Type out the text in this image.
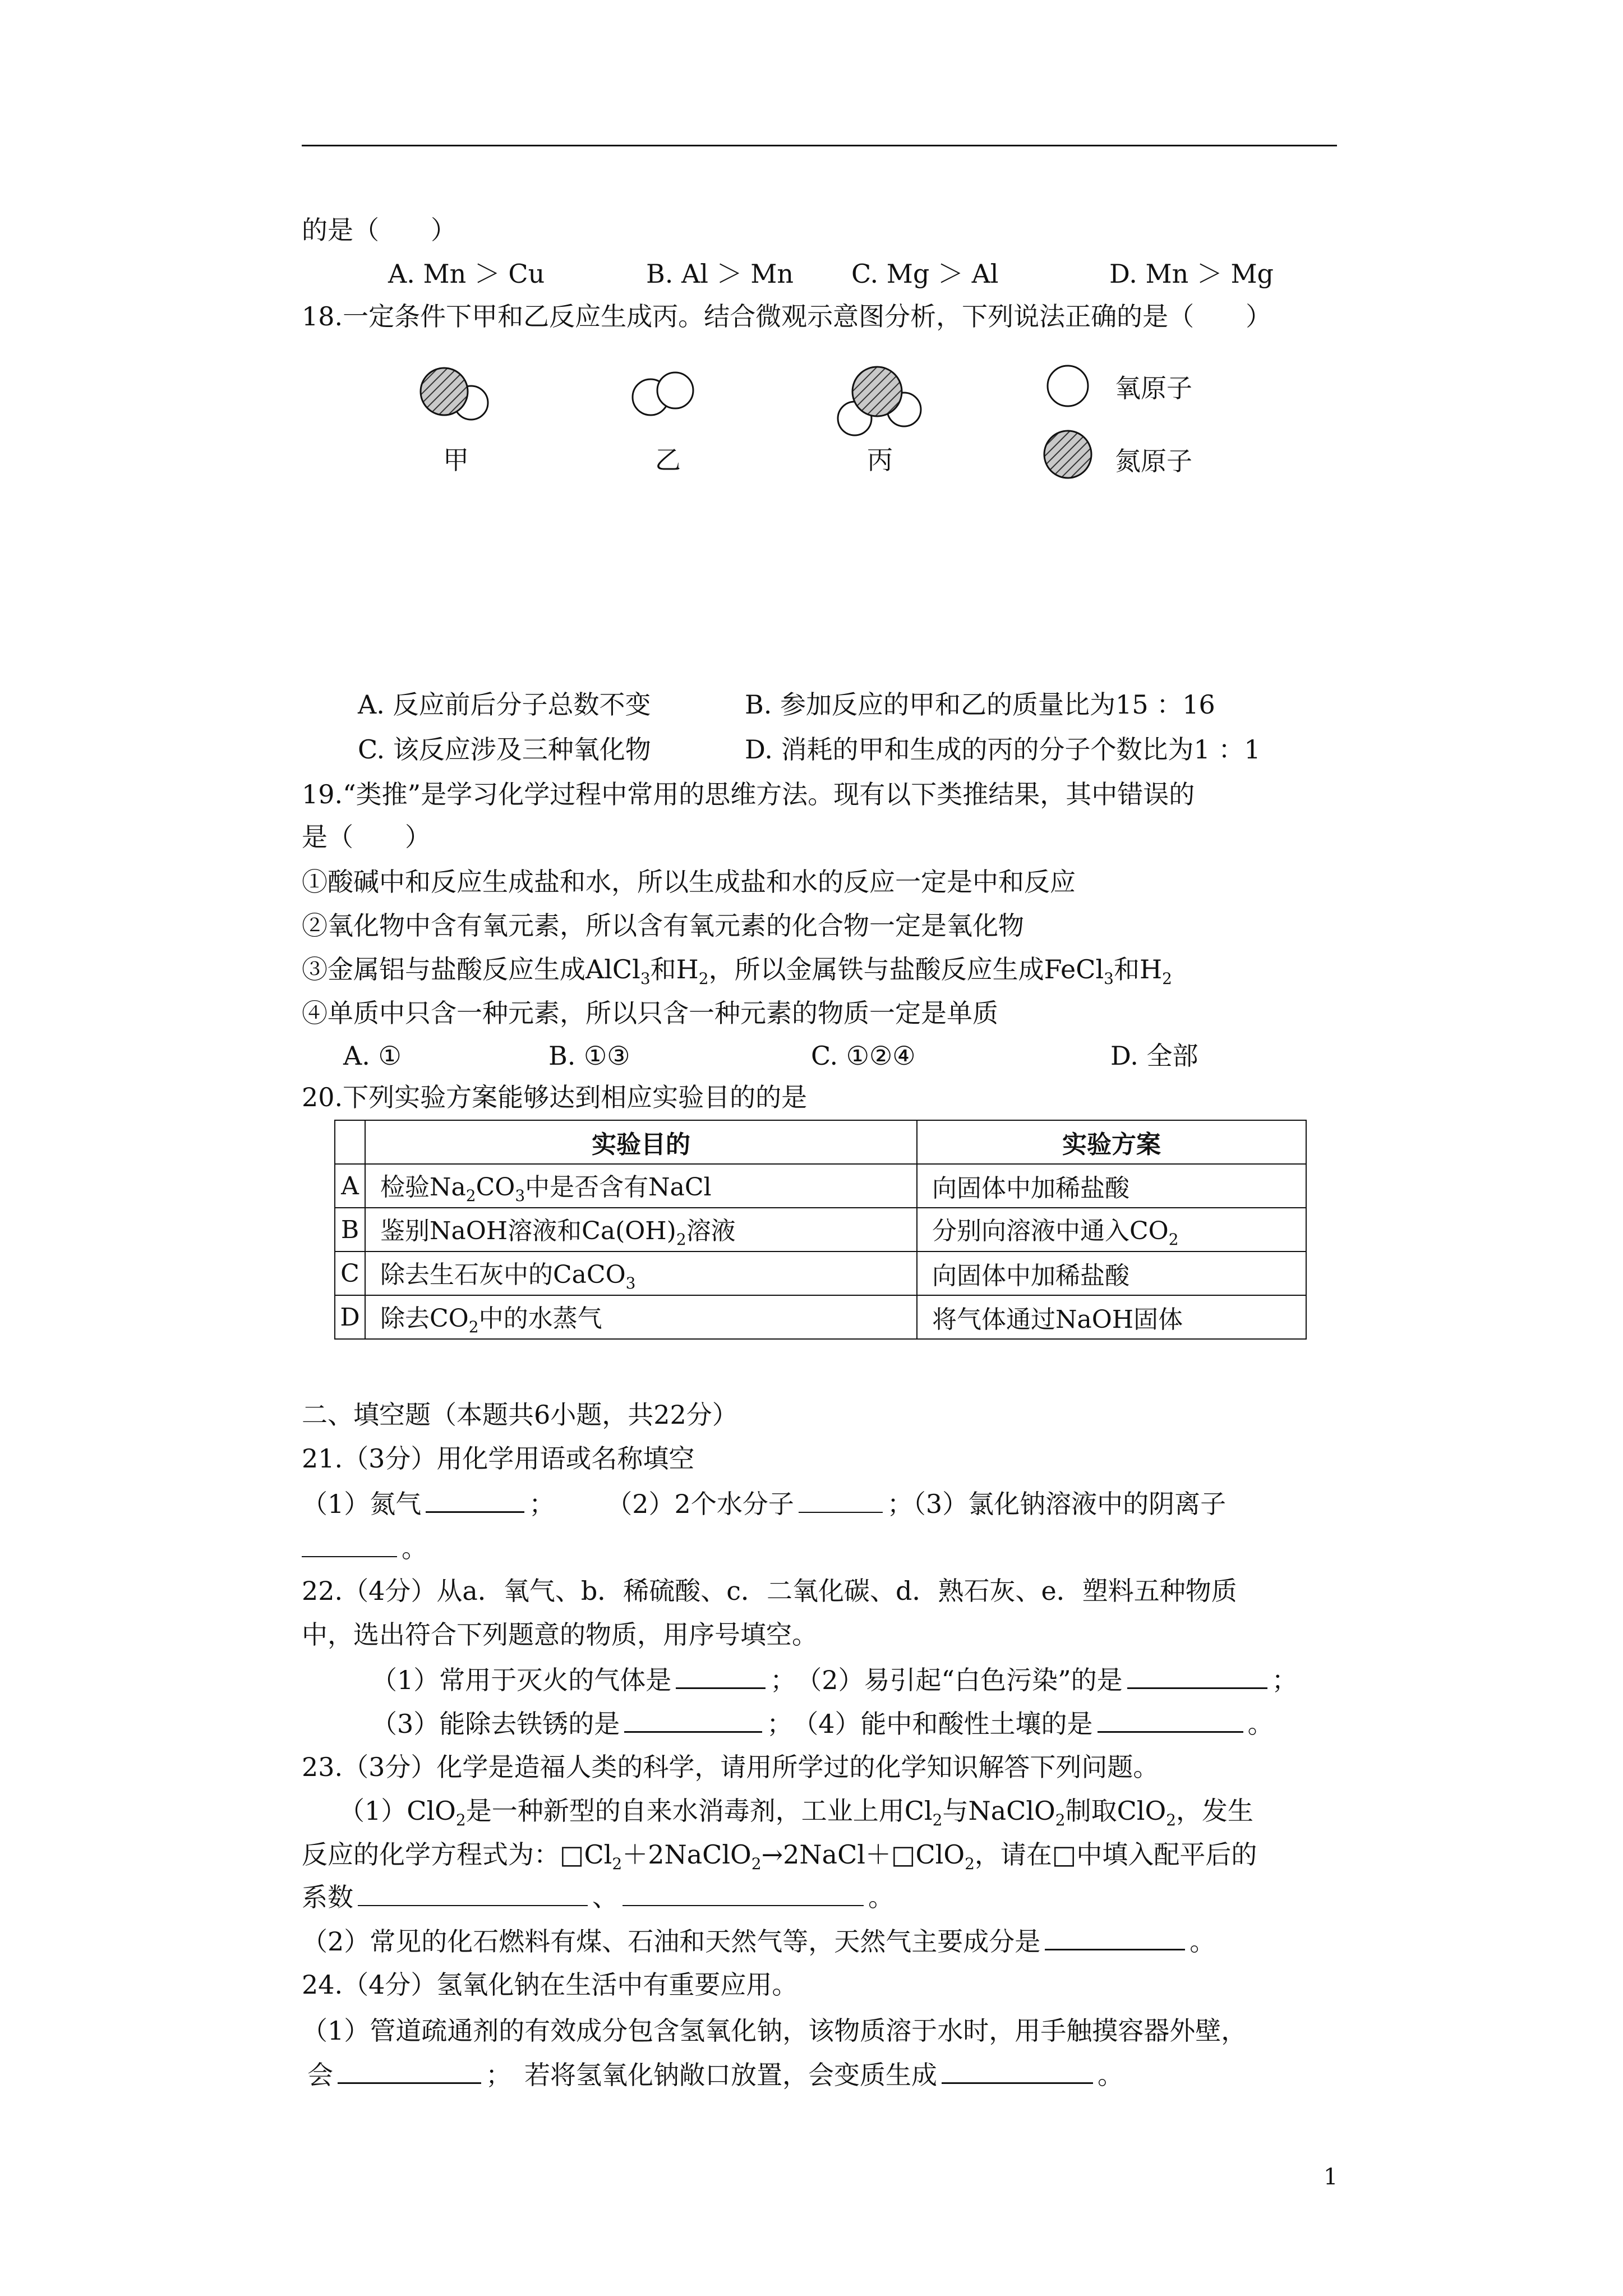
的是（　　）
A. Mn ＞ Cu	B. Al ＞ Mn C. Mg ＞ Al	D. Mn ＞ Mg
18.一定条件下甲和乙反应生成丙。结合微观示意图分析，下列说法正确的是（　　）
氧原子
氮原子
甲	乙	丙
A. 反应前后分子总数不变	B. 参加反应的甲和乙的质量比为15 ：16
C. 该反应涉及三种氧化物	D. 消耗的甲和生成的丙的分子个数比为1 ：1
19.“类推”是学习化学过程中常用的思维方法。现有以下类推结果，其中错误的
是（　　）
①酸碱中和反应生成盐和水，所以生成盐和水的反应一定是中和反应
②氧化物中含有氧元素，所以含有氧元素的化合物一定是氧化物
③金属铝与盐酸反应生成AlCl$_3$和$H_2$，所以金属铁与盐酸反应生成FeCl$_3$和$H_2$
④单质中只含一种元素，所以只含一种元素的物质一定是单质
A. ①	B. ①③	C. ①②④	D. 全部
20.下列实验方案能够达到相应实验目的的是
	实验目的	实验方案
A	检验$Na_2CO_3$中是否含有NaCl	向固体中加稀盐酸
B	鉴别NaOH溶液和$Ca(OH)_2$溶液	分别向溶液中通入$CO_2$
C	除去生石灰中的CaCO$_3$	向固体中加稀盐酸
D	除去$CO_2$中的水蒸气	将气体通过NaOH固体
二、填空题（本题共6小题，共22分）
21.（3分）用化学用语或名称填空
（1）氮气	；　　　（2）2个水分子	；（3）氯化钠溶液中的阴离子
。
22.（4分）从a．氧气、b．稀硫酸、c．二氧化碳、d．熟石灰、e．塑料五种物质
中，选出符合下列题意的物质，用序号填空。
（1）常用于灭火的气体是	；　（2）易引起“白色污染”的是	；
（3）能除去铁锈的是	；　（4）能中和酸性土壤的是	。
23.（3分）化学是造福人类的科学，请用所学过的化学知识解答下列问题。
（1）ClO$_2$是一种新型的自来水消毒剂，工业上用$Cl_2$与NaClO$_2$制取ClO$_2$，发生
反应的化学方程式为：$□Cl_2+2NaClO_2\to 2NaCl+□ClO_2$，请在□中填入配平后的
系数	、	。
（2）常见的化石燃料有煤、石油和天然气等，天然气主要成分是	。
24.（4分）氢氧化钠在生活中有重要应用。
（1）管道疏通剂的有效成分包含氢氧化钠，该物质溶于水时，用手触摸容器外壁，
会	；　若将氢氧化钠敞口放置，会变质生成	。
1
